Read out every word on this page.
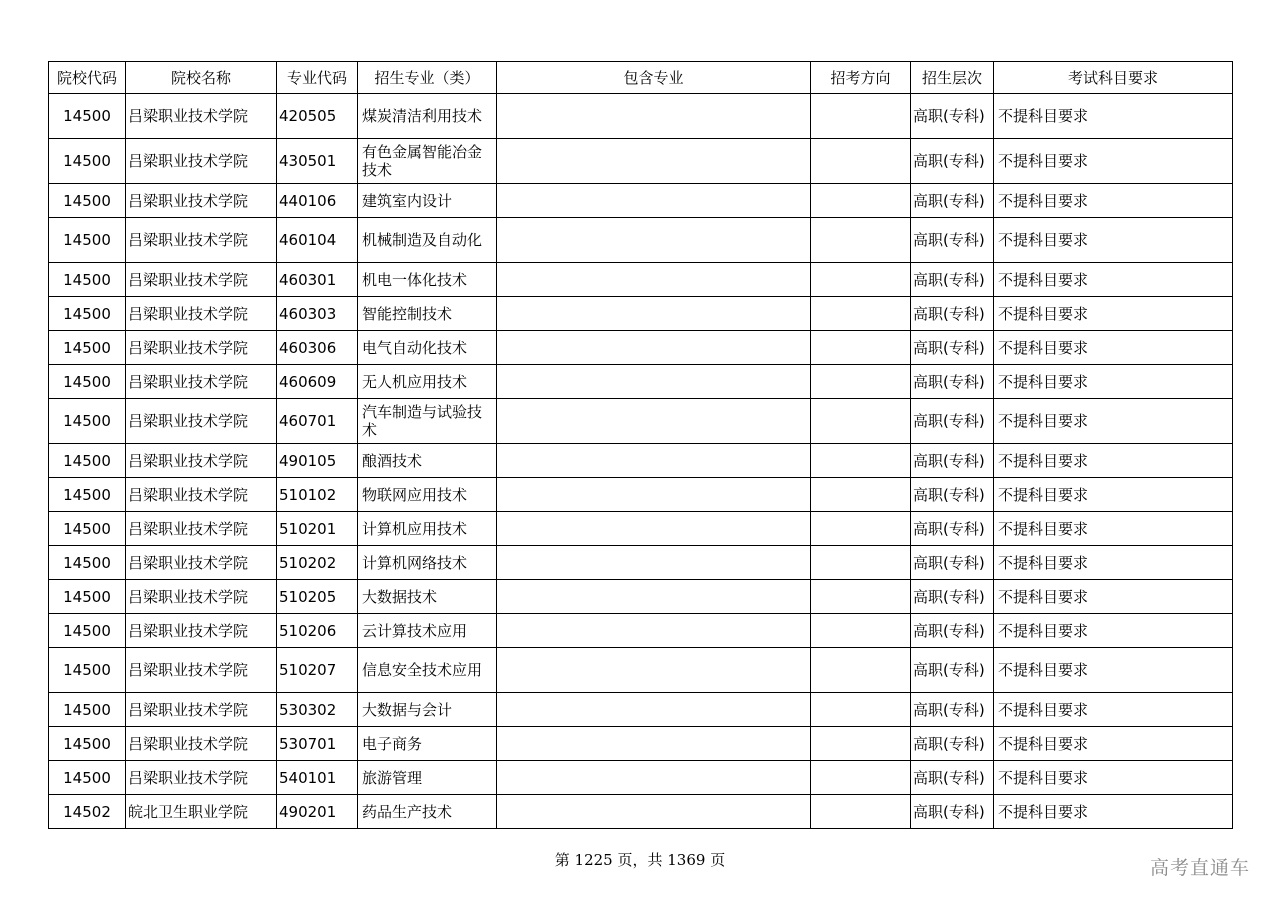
院校代码	院校名称	专业代码	招生专业（类）	包含专业	招考方向	招生层次	考试科目要求
14500	吕梁职业技术学院	420505	煤炭清洁利用技术			高职(专科)	不提科目要求
14500	吕梁职业技术学院	430501	有色金属智能冶金技术			高职(专科)	不提科目要求
14500	吕梁职业技术学院	440106	建筑室内设计			高职(专科)	不提科目要求
14500	吕梁职业技术学院	460104	机械制造及自动化			高职(专科)	不提科目要求
14500	吕梁职业技术学院	460301	机电一体化技术			高职(专科)	不提科目要求
14500	吕梁职业技术学院	460303	智能控制技术			高职(专科)	不提科目要求
14500	吕梁职业技术学院	460306	电气自动化技术			高职(专科)	不提科目要求
14500	吕梁职业技术学院	460609	无人机应用技术			高职(专科)	不提科目要求
14500	吕梁职业技术学院	460701	汽车制造与试验技术			高职(专科)	不提科目要求
14500	吕梁职业技术学院	490105	酿酒技术			高职(专科)	不提科目要求
14500	吕梁职业技术学院	510102	物联网应用技术			高职(专科)	不提科目要求
14500	吕梁职业技术学院	510201	计算机应用技术			高职(专科)	不提科目要求
14500	吕梁职业技术学院	510202	计算机网络技术			高职(专科)	不提科目要求
14500	吕梁职业技术学院	510205	大数据技术			高职(专科)	不提科目要求
14500	吕梁职业技术学院	510206	云计算技术应用			高职(专科)	不提科目要求
14500	吕梁职业技术学院	510207	信息安全技术应用			高职(专科)	不提科目要求
14500	吕梁职业技术学院	530302	大数据与会计			高职(专科)	不提科目要求
14500	吕梁职业技术学院	530701	电子商务			高职(专科)	不提科目要求
14500	吕梁职业技术学院	540101	旅游管理			高职(专科)	不提科目要求
14502	皖北卫生职业学院	490201	药品生产技术			高职(专科)	不提科目要求
第 1225 页，共 1369 页	高考直通车
